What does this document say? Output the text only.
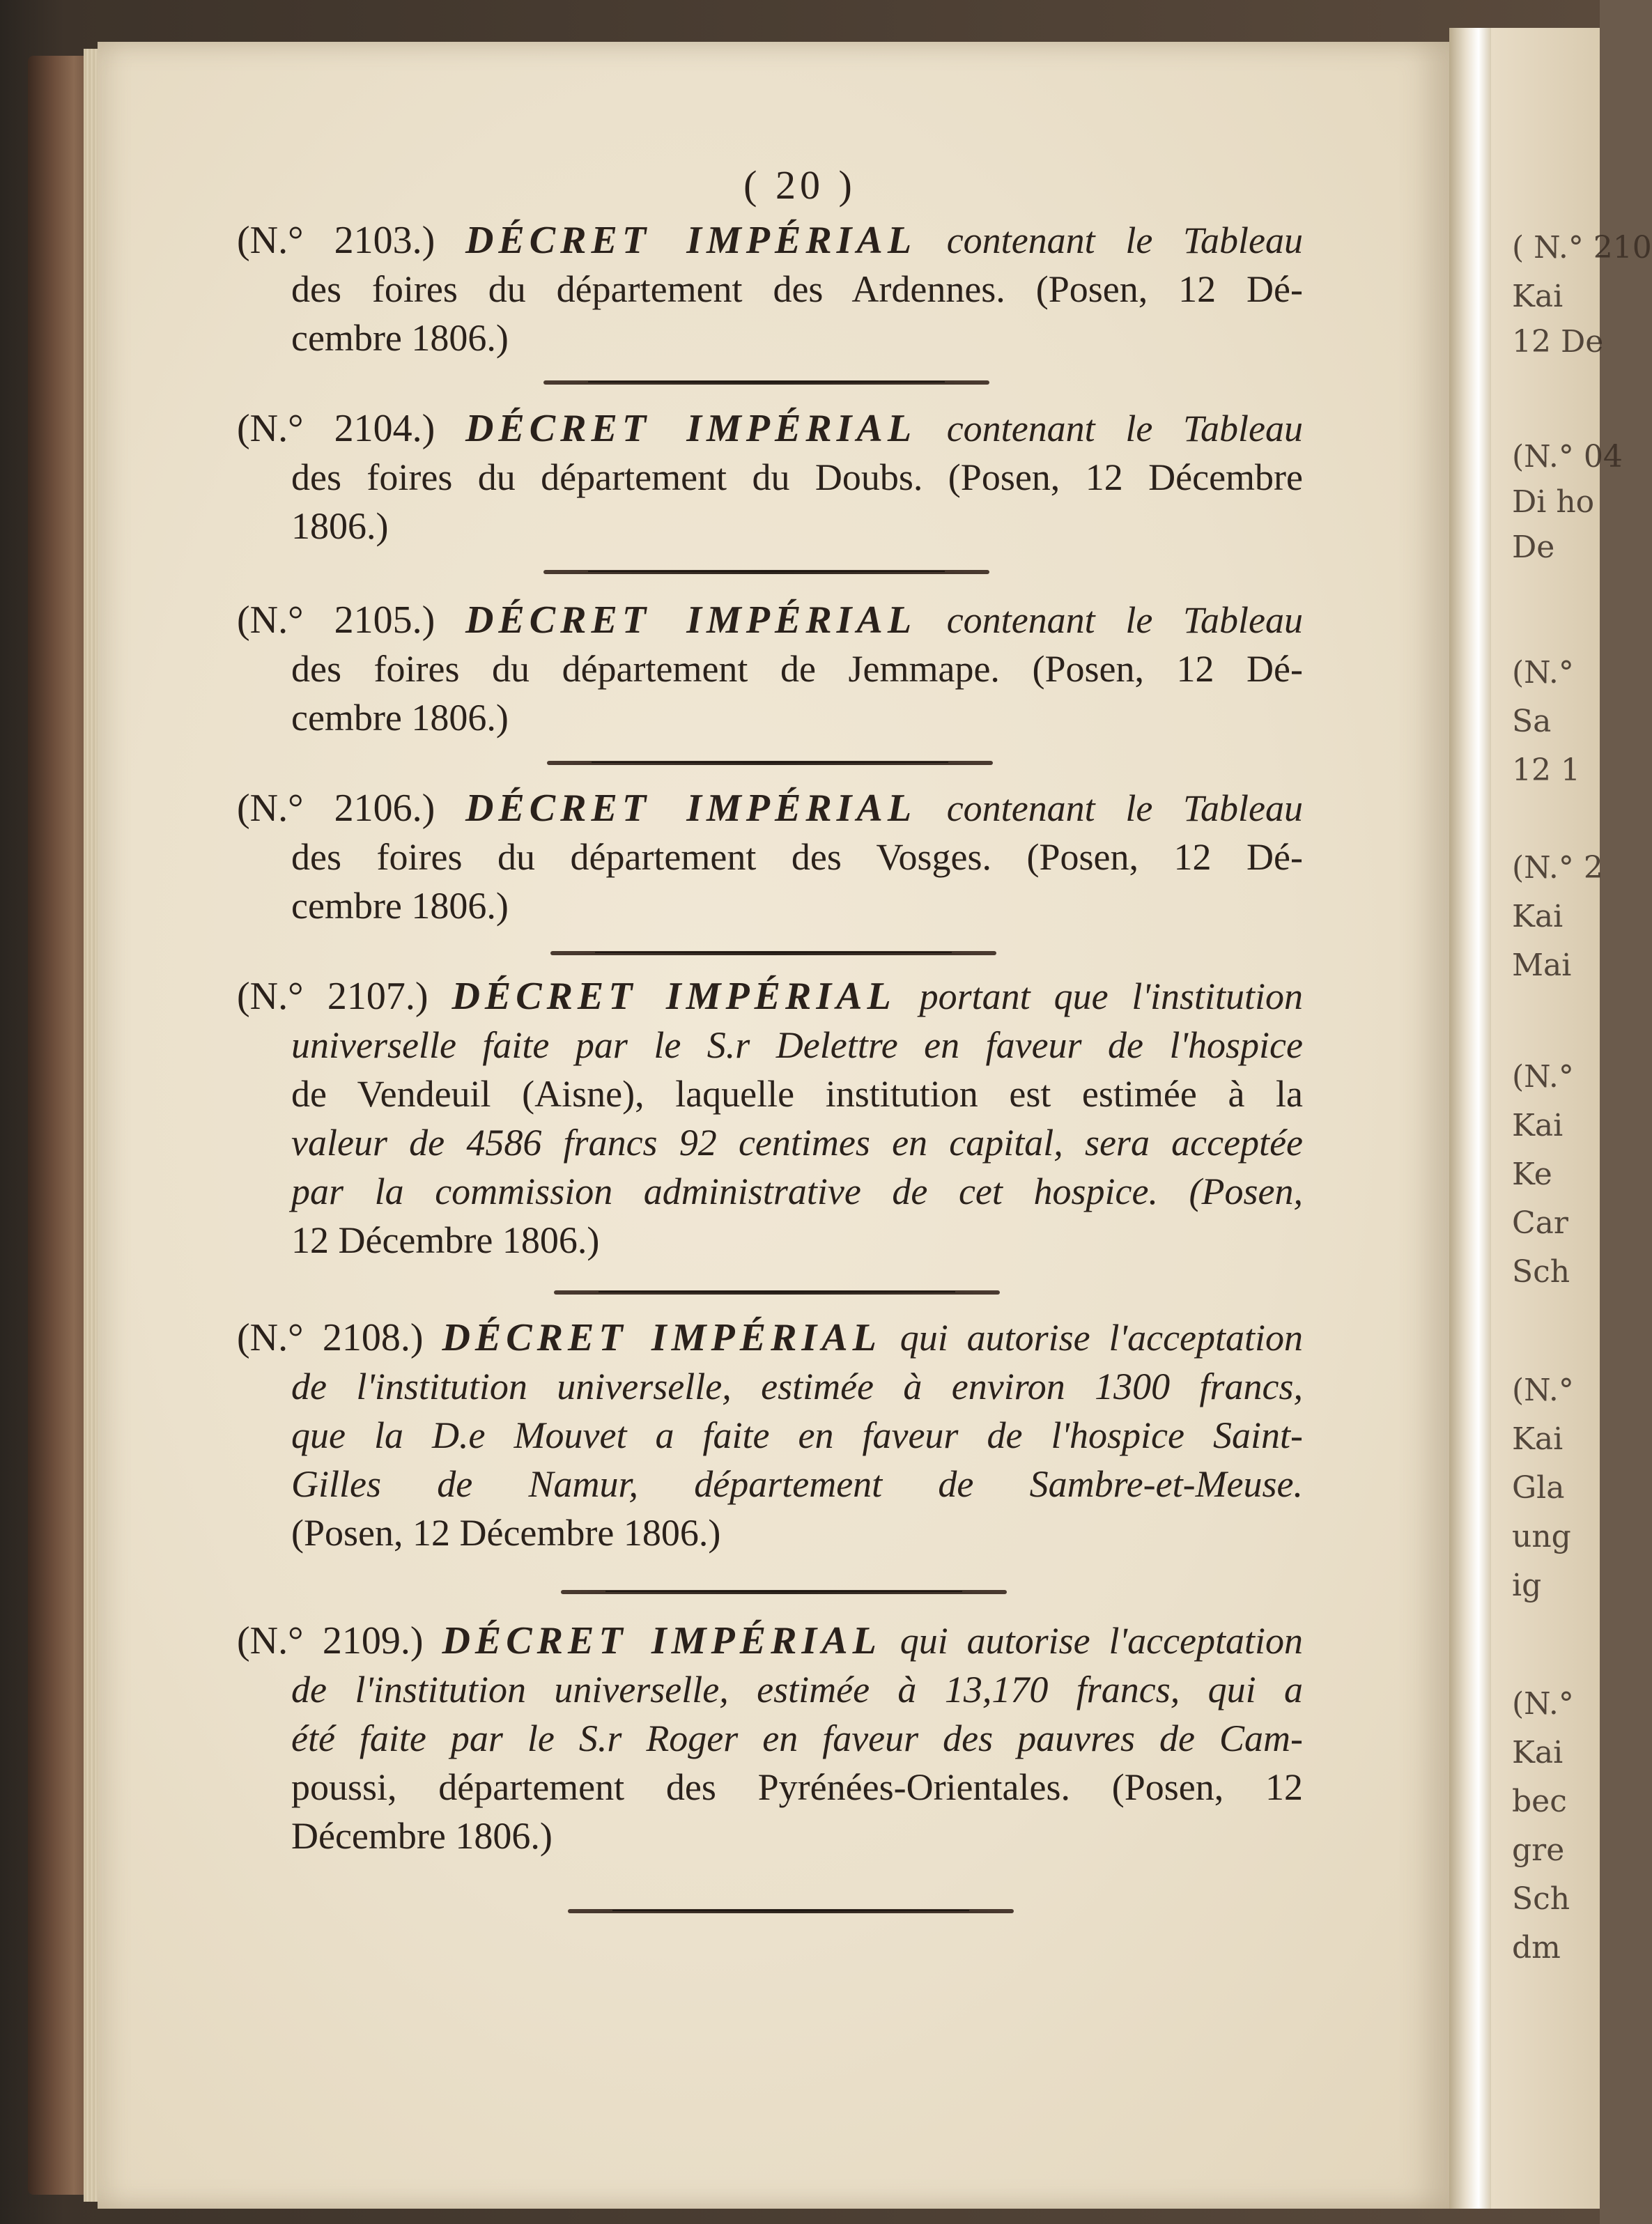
( N.° 210
Kai
12 De
(N.° 04
Di ho
De
(N.°
Sa
12 1
(N.° 2
Kai
Mai
(N.°
Kai
Ke
Car
Sch
(N.°
Kai
Gla
ung
ig
(N.°
Kai
bec
gre
Sch
dm
( 20 )
(N.° 2103.) DÉCRET IMPÉRIAL contenant le Tableau
des foires du département des Ardennes. (Posen, 12 Dé-
cembre 1806.)
(N.° 2104.) DÉCRET IMPÉRIAL contenant le Tableau
des foires du département du Doubs. (Posen, 12 Décembre
1806.)
(N.° 2105.) DÉCRET IMPÉRIAL contenant le Tableau
des foires du département de Jemmape. (Posen, 12 Dé-
cembre 1806.)
(N.° 2106.) DÉCRET IMPÉRIAL contenant le Tableau
des foires du département des Vosges. (Posen, 12 Dé-
cembre 1806.)
(N.° 2107.) DÉCRET IMPÉRIAL portant que l'institution
universelle faite par le S.r Delettre en faveur de l'hospice
de Vendeuil (Aisne), laquelle institution est estimée à la
valeur de 4586 francs 92 centimes en capital, sera acceptée
par la commission administrative de cet hospice. (Posen,
12 Décembre 1806.)
(N.° 2108.) DÉCRET IMPÉRIAL qui autorise l'acceptation
de l'institution universelle, estimée à environ 1300 francs,
que la D.e Mouvet a faite en faveur de l'hospice Saint-
Gilles de Namur, département de Sambre-et-Meuse.
(Posen, 12 Décembre 1806.)
(N.° 2109.) DÉCRET IMPÉRIAL qui autorise l'acceptation
de l'institution universelle, estimée à 13,170 francs, qui a
été faite par le S.r Roger en faveur des pauvres de Cam-
poussi, département des Pyrénées-Orientales. (Posen, 12
Décembre 1806.)
